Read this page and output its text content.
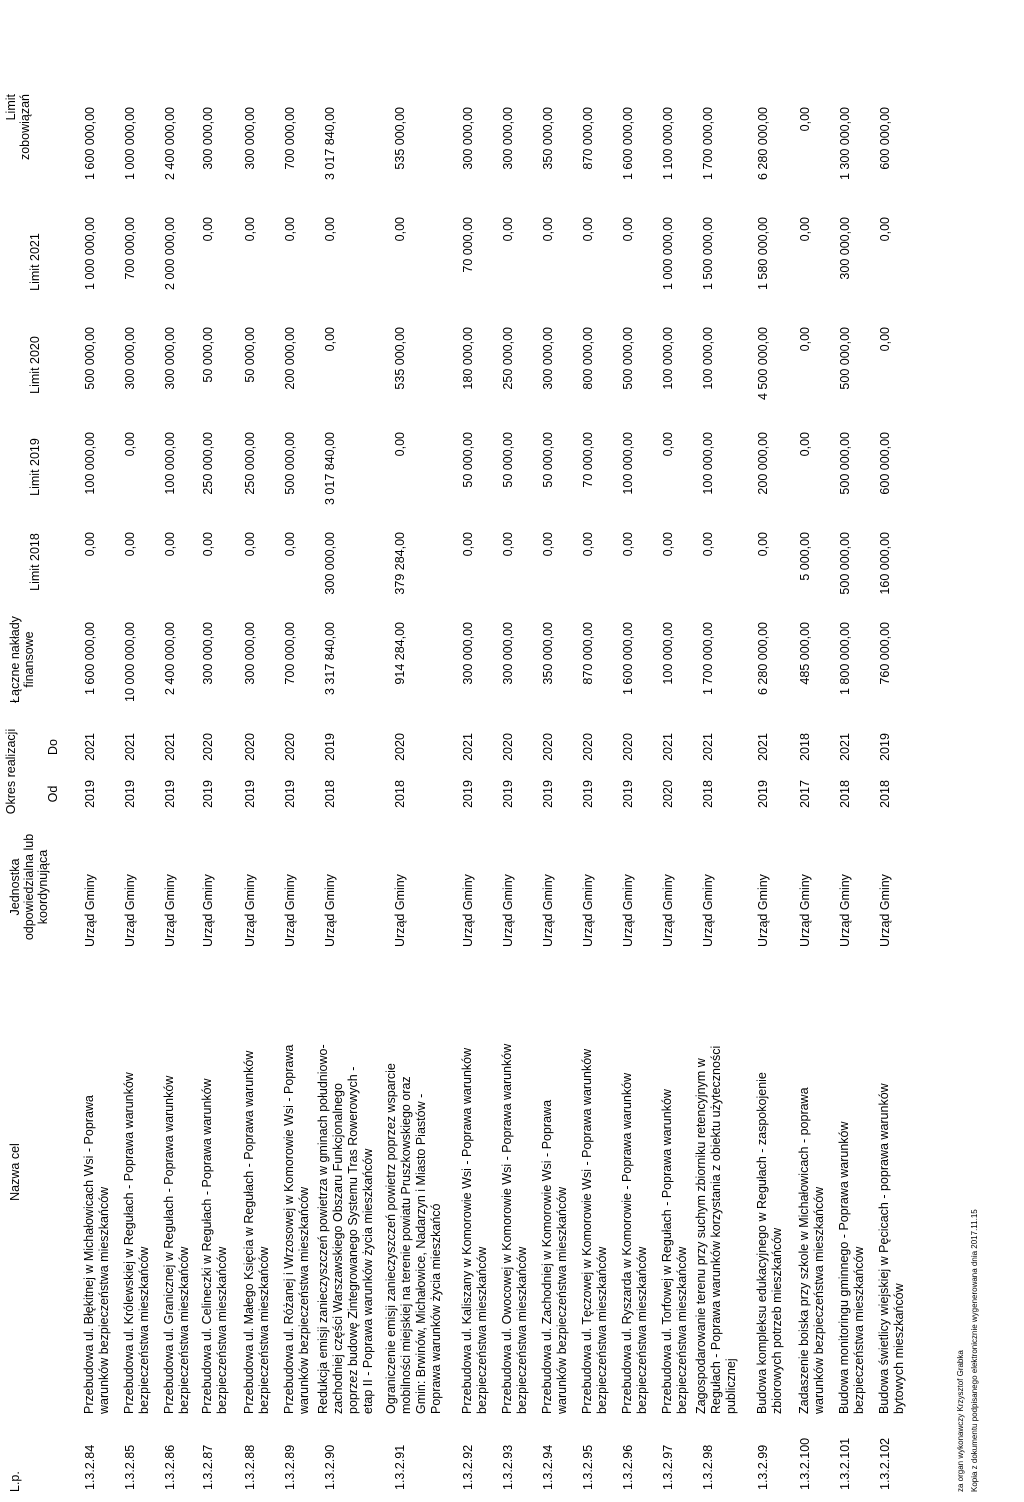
L.p.
Nazwa cel
Jednostka odpowiedzialna lub koordynująca
Okres realizacji Od
Do
Łączne nakłady finansowe
Limit 2018
Limit 2019
Limit 2020
Limit 2021
Limit zobowiązań
1.3.2.84
Przebudowa ul. Błękitnej w Michałowicach Wsi - Poprawa warunków bezpieczeństwa mieszkańców
Urząd Gminy
2019
2021
1 600 000,00
0,00
100 000,00
500 000,00
1 000 000,00
1 600 000,00
1.3.2.85
Przebudowa ul. Królewskiej w Regułach - Poprawa warunków bezpieczeństwa mieszkańców
Urząd Gminy
2019
2021
10 000 000,00
0,00
0,00
300 000,00
700 000,00
1 000 000,00
1.3.2.86
Przebudowa ul. Granicznej w Regułach - Poprawa warunków bezpieczeństwa mieszkańców
Urząd Gminy
2019
2021
2 400 000,00
0,00
100 000,00
300 000,00
2 000 000,00
2 400 000,00
1.3.2.87
Przebudowa ul. Celineczki w Regułach - Poprawa warunków bezpieczeństwa mieszkańców
Urząd Gminy
2019
2020
300 000,00
0,00
250 000,00
50 000,00
0,00
300 000,00
1.3.2.88
Przebudowa ul. Małego Księcia w Regułach - Poprawa warunków bezpieczeństwa mieszkańców
Urząd Gminy
2019
2020
300 000,00
0,00
250 000,00
50 000,00
0,00
300 000,00
1.3.2.89
Przebudowa ul. Różanej i Wrzosowej w Komorowie Wsi - Poprawa warunków bezpieczeństwa mieszkańców
Urząd Gminy
2019
2020
700 000,00
0,00
500 000,00
200 000,00
0,00
700 000,00
1.3.2.90
Redukcja emisji zanieczyszczeń powietrza w gminach południowo-zachodniej części Warszawskiego Obszaru Funkcjonalnego poprzez budowę Zintegrowanego Systemu Tras Rowerowych - etap II - Poprawa warunków życia mieszkańców
Urząd Gminy
2018
2019
3 317 840,00
300 000,00
3 017 840,00
0,00
0,00
3 017 840,00
1.3.2.91
Ograniczenie emisji zanieczyszczeń powietrz poprzez wsparcie mobilności miejskiej na terenie powiatu Pruszkowskiego oraz Gmin: Brwinów, Michałowice, Nadarzyn i Miasto Piastów - Poprawa warunków życia mieszkańcó
Urząd Gminy
2018
2020
914 284,00
379 284,00
0,00
535 000,00
0,00
535 000,00
1.3.2.92
Przebudowa ul. Kaliszany w Komorowie Wsi - Poprawa warunków bezpieczeństwa mieszkańców
Urząd Gminy
2019
2021
300 000,00
0,00
50 000,00
180 000,00
70 000,00
300 000,00
1.3.2.93
Przebudowa ul. Owocowej w Komorowie Wsi - Poprawa warunków bezpieczeństwa mieszkańców
Urząd Gminy
2019
2020
300 000,00
0,00
50 000,00
250 000,00
0,00
300 000,00
1.3.2.94
Przebudowa ul. Zachodniej w Komorowie Wsi - Poprawa warunków bezpieczeństwa mieszkańców
Urząd Gminy
2019
2020
350 000,00
0,00
50 000,00
300 000,00
0,00
350 000,00
1.3.2.95
Przebudowa ul. Tęczowej w Komorowie Wsi - Poprawa warunków bezpieczeństwa mieszkańców
Urząd Gminy
2019
2020
870 000,00
0,00
70 000,00
800 000,00
0,00
870 000,00
1.3.2.96
Przebudowa ul. Ryszarda w Komorowie - Poprawa warunków bezpieczeństwa mieszkańców
Urząd Gminy
2019
2020
1 600 000,00
0,00
100 000,00
500 000,00
0,00
1 600 000,00
1.3.2.97
Przebudowa ul. Torfowej w Regułach - Poprawa warunków bezpieczeństwa mieszkańców
Urząd Gminy
2020
2021
100 000,00
0,00
0,00
100 000,00
1 000 000,00
1 100 000,00
1.3.2.98
Zagospodarowanie terenu przy suchym zbiorniku retencyjnym w Regułach - Poprawa warunków korzystania z obiektu użyteczności publicznej
Urząd Gminy
2018
2021
1 700 000,00
0,00
100 000,00
100 000,00
1 500 000,00
1 700 000,00
1.3.2.99
Budowa kompleksu edukacyjnego w Regułach - zaspokojenie zbiorowych potrzeb mieszkańców
Urząd Gminy
2019
2021
6 280 000,00
0,00
200 000,00
4 500 000,00
1 580 000,00
6 280 000,00
1.3.2.100
Zadaszenie boiska przy szkole w Michałowicach - poprawa warunków bezpieczeństwa mieszkańców
Urząd Gminy
2017
2018
485 000,00
5 000,00
0,00
0,00
0,00
0,00
1.3.2.101
Budowa monitoringu gminnego - Poprawa warunków bezpieczeństwa mieszkańców
Urząd Gminy
2018
2021
1 800 000,00
500 000,00
500 000,00
500 000,00
300 000,00
1 300 000,00
1.3.2.102
Budowa świetlicy wiejskiej w Pęcicach - poprawa warunków bytowych mieszkańców
Urząd Gminy
2018
2019
760 000,00
160 000,00
600 000,00
0,00
0,00
600 000,00
za organ wykonawczy Krzysztof Grabka Kopia z dokumentu podpisanego elektronicznie wygenerowana dnia 2017.11.15
